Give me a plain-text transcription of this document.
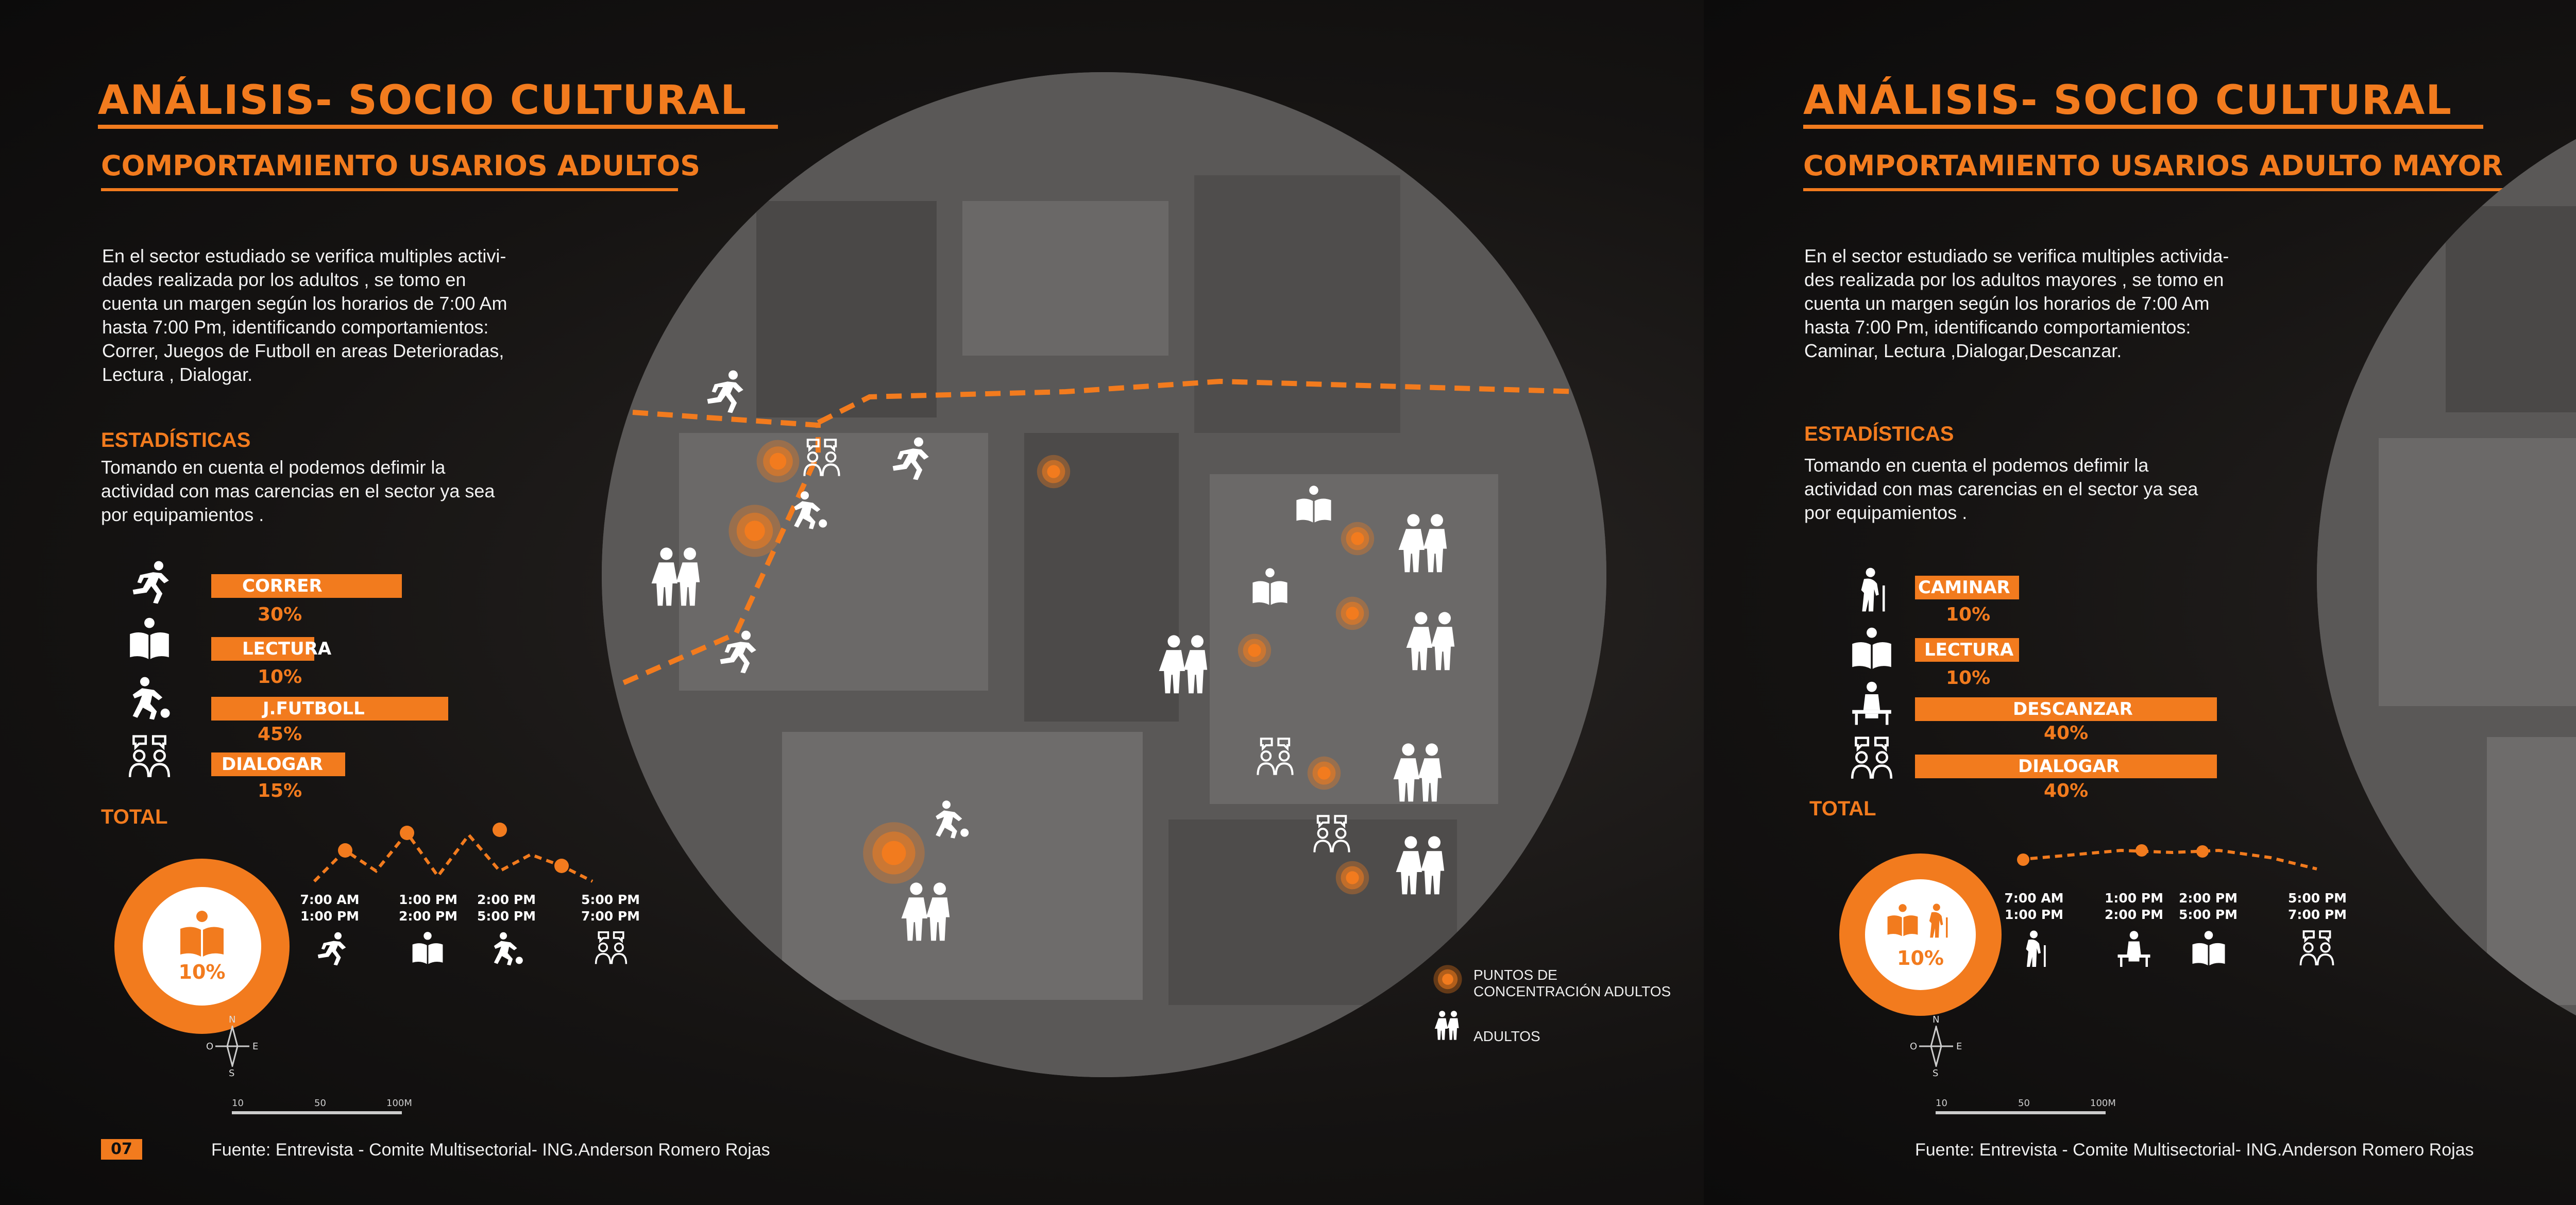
ANÁLISIS- SOCIO CULTURAL
COMPORTAMIENTO USARIOS ADULTOS
En el sector estudiado se verifica multiples activi-
dades realizada por los adultos , se tomo en
cuenta un margen según los horarios de 7:00 Am
hasta 7:00 Pm, identificando comportamientos:
Correr, Juegos de Futboll en areas Deterioradas,
Lectura , Dialogar.
ESTADÍSTICAS
Tomando en cuenta el podemos defimir la
actividad con mas carencias en el sector ya sea
por equipamientos .
CORRER
30%
LECTURA
10%
J.FUTBOLL
45%
DIALOGAR
15%
TOTAL
10%
7:00 AM
1:00 PM
1:00 PM
2:00 PM
2:00 PM
5:00 PM
5:00 PM
7:00 PM
N
O	E
S
10	50	100M
PUNTOS DE CONCENTRACIÓN ADULTOS
ADULTOS
07	Fuente: Entrevista - Comite Multisectorial- ING.Anderson Romero Rojas
ANÁLISIS- SOCIO CULTURAL
COMPORTAMIENTO USARIOS ADULTO MAYOR
En el sector estudiado se verifica multiples activida-
des realizada por los adultos mayores , se tomo en
cuenta un margen según los horarios de 7:00 Am
hasta 7:00 Pm, identificando comportamientos:
Caminar, Lectura ,Dialogar,Descanzar.
ESTADÍSTICAS
Tomando en cuenta el podemos defimir la
actividad con mas carencias en el sector ya sea
por equipamientos .
CAMINAR
10%
LECTURA
10%
DESCANZAR
40%
DIALOGAR
40%
TOTAL
10%
7:00 AM
1:00 PM
1:00 PM
2:00 PM
2:00 PM
5:00 PM
5:00 PM
7:00 PM
N
O	E
S
10	50	100M
Fuente: Entrevista - Comite Multisectorial- ING.Anderson Romero Rojas
